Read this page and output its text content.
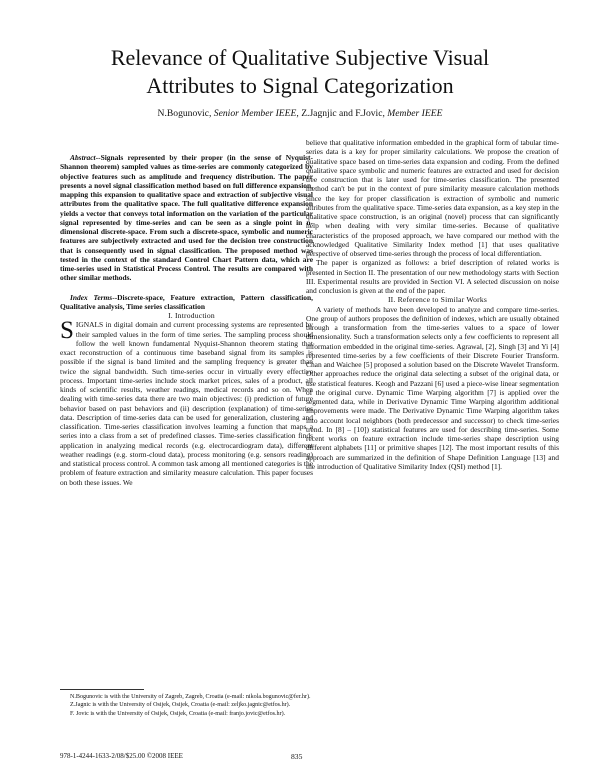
Relevance of Qualitative Subjective Visual
Attributes to Signal Categorization
N.Bogunovic, Senior Member IEEE, Z.Jagnjic and F.Jovic, Member IEEE

Abstract--Signals represented by their proper (in the sense of Nyquist-Shannon theorem) sampled values as time-series are commonly categorized by objective features such as amplitude and frequency distribution. The paper presents a novel signal classification method based on full difference expansion, mapping this expansion to qualitative space and extraction of subjective visual attributes from the qualitative space. The full qualitative difference expansion yields a vector that conveys total information on the variation of the particular signal represented by time-series and can be seen as a single point in n-dimensional discrete-space. From such a discrete-space, symbolic and numeric features are subjectively extracted and used for the decision tree construction that is consequently used in signal classification. The proposed method was tested in the context of the standard Control Chart Pattern data, which are time-series used in Statistical Process Control. The results are compared with other similar methods.

Index Terms--Discrete-space, Feature extraction, Pattern classification, Qualitative analysis, Time series classification

I. Introduction

SIGNALS in digital domain and current processing systems are represented by their sampled values in the form of time series. The sampling process should follow the well known fundamental Nyquist-Shannon theorem stating that exact reconstruction of a continuous time baseband signal from its samples is possible if the signal is band limited and the sampling frequency is greater than twice the signal bandwidth. Such time-series occur in virtually every effective process. Important time-series include stock market prices, sales of a product, all kinds of scientific results, weather readings, medical records and so on. When dealing with time-series data there are two main objectives: (i) prediction of future behavior based on past behaviors and (ii) description (explanation) of time-series data. Description of time-series data can be used for generalization, clustering and classification. Time-series classification involves learning a function that maps a series into a class from a set of predefined classes. Time-series classification finds application in analyzing medical records (e.g. electrocardiogram data), different weather readings (e.g. storm-cloud data), process monitoring (e.g. sensors reading) and statistical process control. A common task among all mentioned categories is the problem of feature extraction and similarity measure calculation. This paper focuses on both these issues. We

believe that qualitative information embedded in the graphical form of tabular time-series data is a key for proper similarity calculations. We propose the creation of qualitative space based on time-series data expansion and coding. From the defined qualitative space symbolic and numeric features are extracted and used for decision tree construction that is later used for time-series classification. The presented method can't be put in the context of pure similarity measure calculation methods since the key for proper classification is extraction of symbolic and numeric attributes from the qualitative space. Time-series data expansion, as a key step in the qualitative space construction, is an original (novel) process that can significantly help when dealing with very similar time-series. Because of qualitative characteristics of the proposed approach, we have compared our method with the acknowledged Qualitative Similarity Index method [1] that uses qualitative perspective of observed time-series through the process of local differentiation.

The paper is organized as follows: a brief description of related works is presented in Section II. The presentation of our new methodology starts with Section III. Experimental results are provided in Section VI. A selected discussion on noise and conclusion is given at the end of the paper.

II. Reference to Similar Works

A variety of methods have been developed to analyze and compare time-series. One group of authors proposes the definition of indexes, which are usually obtained through a transformation from the time-series values to a space of lower dimensionality. Such a transformation selects only a few coefficients to represent all information embedded in the original time-series. Agrawal, [2], Singh [3] and Yi [4] represented time-series by a few coefficients of their Discrete Fourier Transform. Chan and Waichee [5] proposed a solution based on the Discrete Wavelet Transform. Other approaches reduce the original data selecting a subset of the original data, or use statistical features. Keogh and Pazzani [6] used a piece-wise linear segmentation of the original curve. Dynamic Time Warping algorithm [7] is applied over the segmented data, while in Derivative Dynamic Time Warping algorithm additional improvements were made. The Derivative Dynamic Time Warping algorithm takes into account local neighbors (both predecessor and successor) to check time-series trend. In [8] – [10]) statistical features are used for describing time-series. Some recent works on feature extraction include time-series shape description using different alphabets [11] or primitive shapes [12]. The most important results of this approach are summarized in the definition of Shape Definition Language [13] and the introduction of Qualitative Similarity Index (QSI) method [1].

N.Bogunovic is with the University of Zagreb, Zagreb, Croatia (e-mail: nikola.bogunovic@fer.hr).

Z.Jagnic is with the University of Osijek, Osijek, Croatia (e-mail: zeljko.jagnic@etfos.hr).

F. Jovic is with the University of Osijek, Osijek, Croatia (e-mail: franjo.jovic@etfos.hr).

978-1-4244-1633-2/08/$25.00 ©2008 IEEE	835
